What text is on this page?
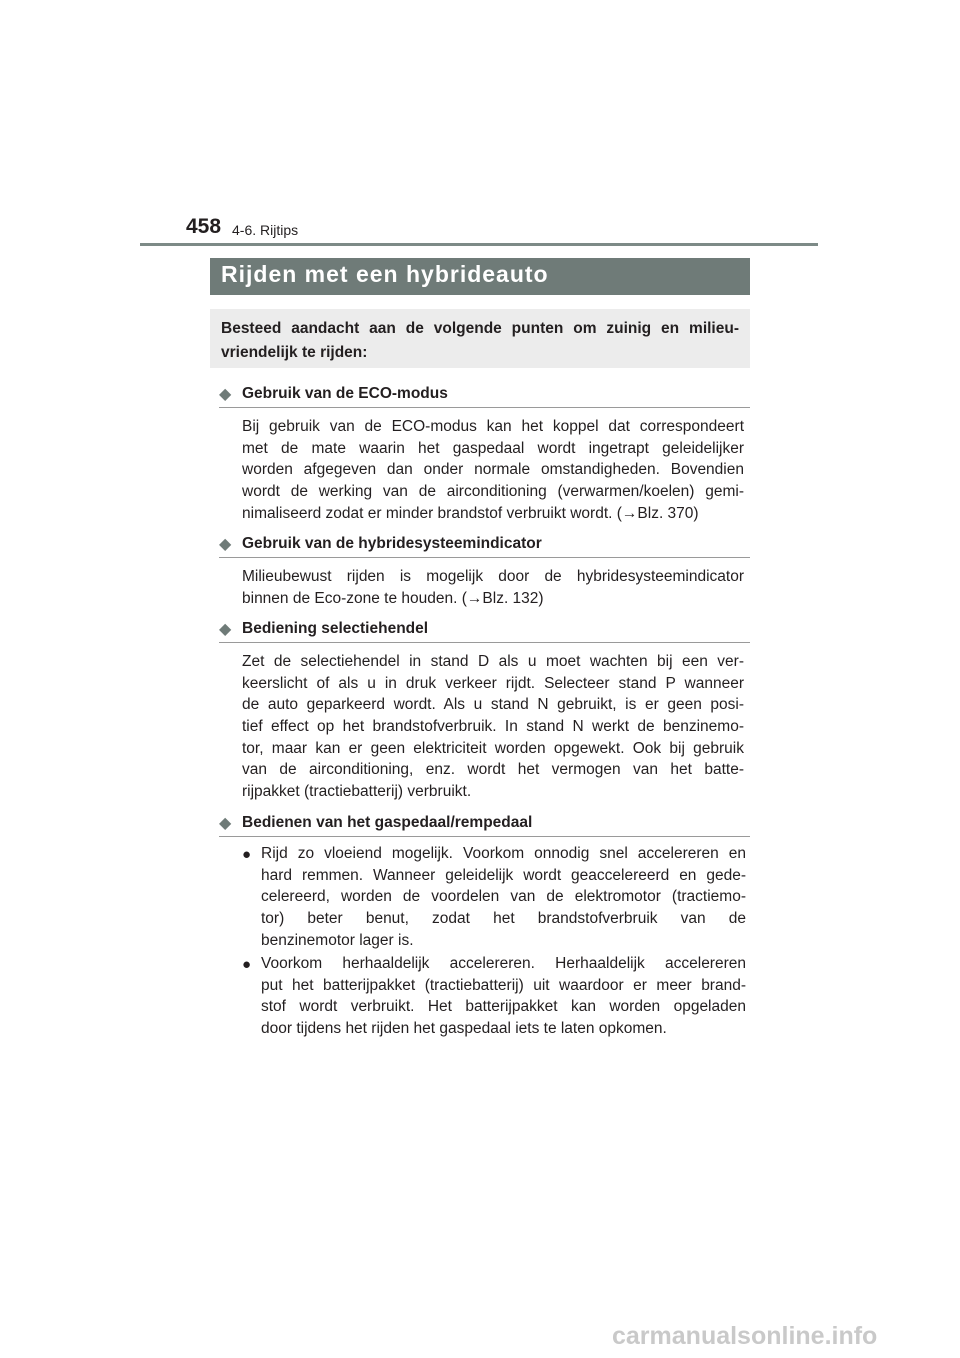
458 4-6. Rijtips
Rijden met een hybrideauto

Besteed aandacht aan de volgende punten om zuinig en milieu-
vriendelijk te rijden:

◆ Gebruik van de ECO-modus
Bij gebruik van de ECO-modus kan het koppel dat correspondeert
met de mate waarin het gaspedaal wordt ingetrapt geleidelijker
worden afgegeven dan onder normale omstandigheden. Bovendien
wordt de werking van de airconditioning (verwarmen/koelen) gemi-
nimaliseerd zodat er minder brandstof verbruikt wordt. (→Blz. 370)
◆ Gebruik van de hybridesysteemindicator
Milieubewust rijden is mogelijk door de hybridesysteemindicator
binnen de Eco-zone te houden. (→Blz. 132)
◆ Bediening selectiehendel
Zet de selectiehendel in stand D als u moet wachten bij een ver-
keerslicht of als u in druk verkeer rijdt. Selecteer stand P wanneer
de auto geparkeerd wordt. Als u stand N gebruikt, is er geen posi-
tief effect op het brandstofverbruik. In stand N werkt de benzinemo-
tor, maar kan er geen elektriciteit worden opgewekt. Ook bij gebruik
van de airconditioning, enz. wordt het vermogen van het batte-
rijpakket (tractiebatterij) verbruikt.
◆ Bedienen van het gaspedaal/rempedaal
● Rijd zo vloeiend mogelijk. Voorkom onnodig snel accelereren en
hard remmen. Wanneer geleidelijk wordt geaccelereerd en gede-
celereerd, worden de voordelen van de elektromotor (tractiemo-
tor) beter benut, zodat het brandstofverbruik van de
benzinemotor lager is.
● Voorkom herhaaldelijk accelereren. Herhaaldelijk accelereren
put het batterijpakket (tractiebatterij) uit waardoor er meer brand-
stof wordt verbruikt. Het batterijpakket kan worden opgeladen
door tijdens het rijden het gaspedaal iets te laten opkomen.
carmanualsonline.info
